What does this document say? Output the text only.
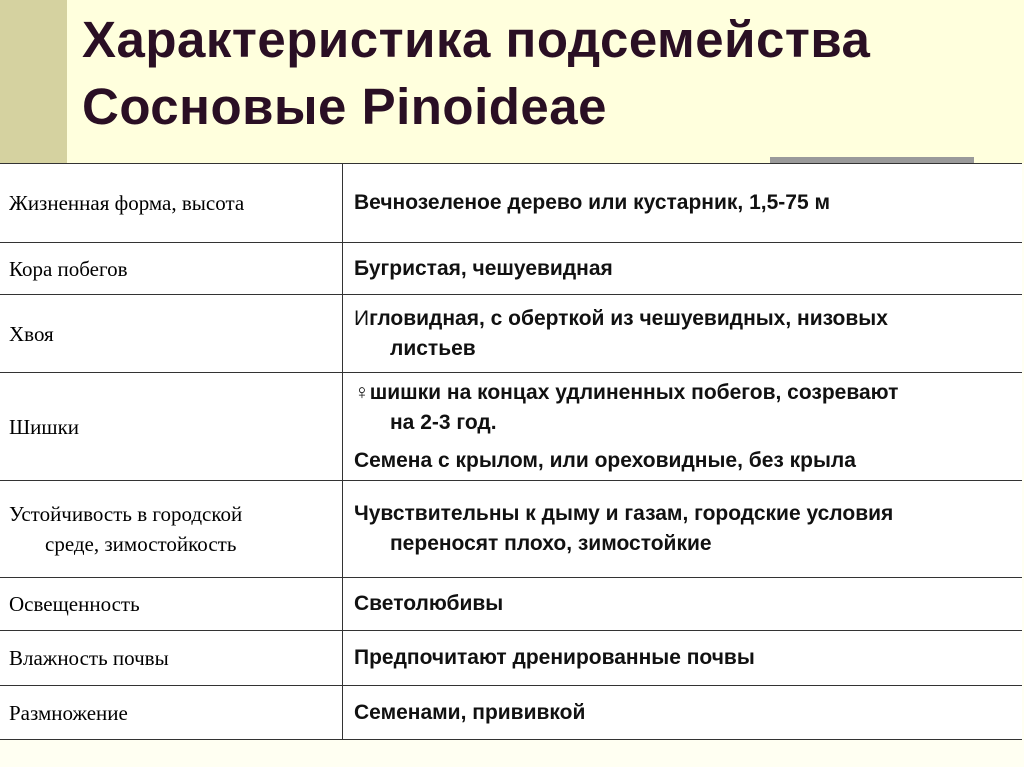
Характеристика подсемейства
Сосновые Pinoideae
Жизненная форма, высота	Вечнозеленое дерево или кустарник, 1,5-75 м
Кора побегов	Бугристая, чешуевидная
Хвоя	Игловидная, с оберткой из чешуевидных, низовых
листьев

Шишки	♀шишки на концах удлиненных побегов, созревают
на 2-3 год.
Семена с крылом, или ореховидные, без крыла

Устойчивость в городской
среде, зимостойкость	Чувствительны к дыму и газам, городские условия
переносят плохо, зимостойкие

Освещенность	Светолюбивы
Влажность почвы	Предпочитают дренированные почвы
Размножение	Семенами, прививкой
